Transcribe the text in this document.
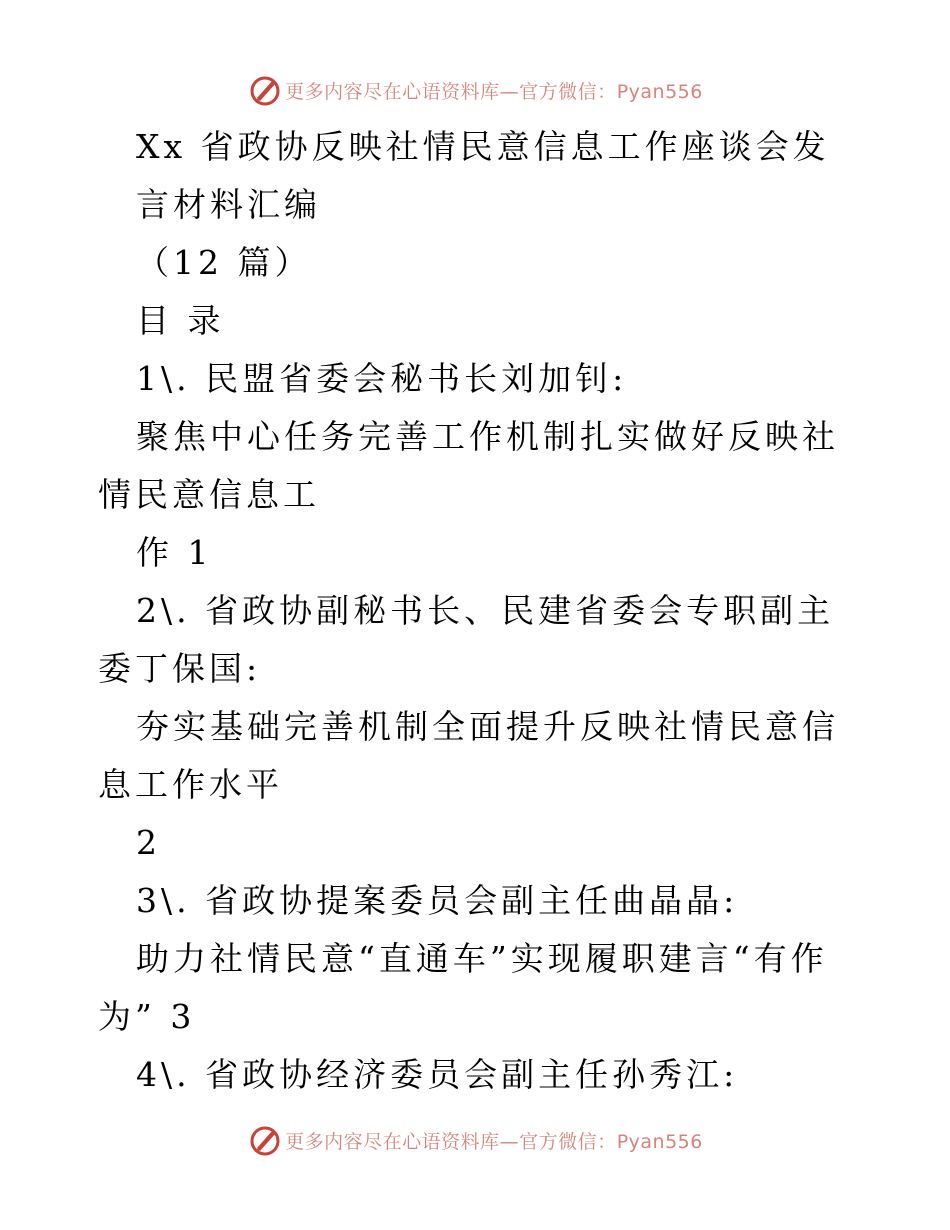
更多内容尽在心语资料库—官方微信：Pyan556

Xx 省政协反映社情民意信息工作座谈会发

言材料汇编

（12 篇）

目 录

1\. 民盟省委会秘书长刘加钊:

聚焦中心任务完善工作机制扎实做好反映社情民意信息工

作 1

2\. 省政协副秘书长、民建省委会专职副主委丁保国:

夯实基础完善机制全面提升反映社情民意信息工作水平

2

3\. 省政协提案委员会副主任曲晶晶:

助力社情民意“直通车”实现履职建言“有作为” 3

4\. 省政协经济委员会副主任孙秀江:

更多内容尽在心语资料库—官方微信：Pyan556
